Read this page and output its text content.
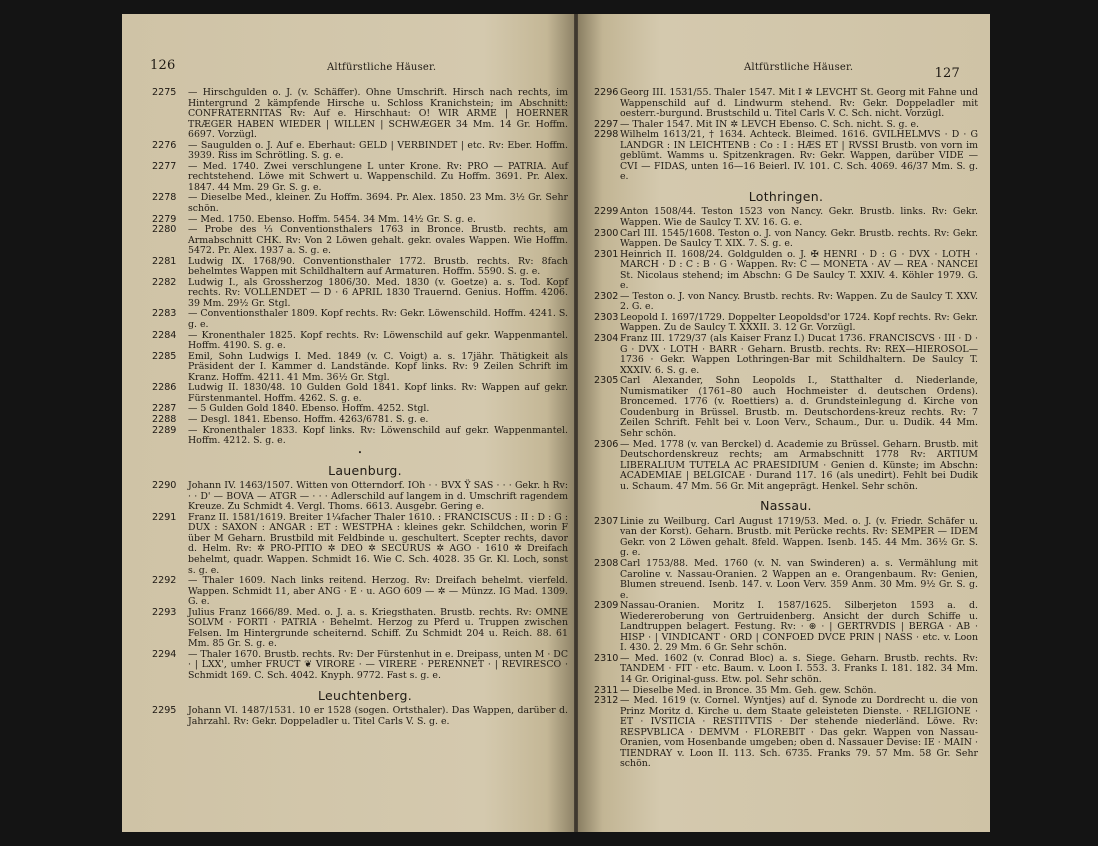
126	Altfürstliche Häuser.
2275	— Hirschgulden o. J. (v. Schäffer). Ohne Umschrift. Hirsch nach rechts, im Hintergrund 2 kämpfende Hirsche u. Schloss Kranichstein; im Abschnitt: CONFRATERNITAS Rv: Auf e. Hirschhaut: O! WIR ARME | HOERNER TRÆGER HABEN WIEDER | WILLEN | SCHWÆGER 34 Mm. 14 Gr. Hoffm. 6697. Vorzügl.
2276	— Saugulden o. J. Auf e. Eberhaut: GELD | VERBINDET | etc. Rv: Eber. Hoffm. 3939. Riss im Schrötling. S. g. e.
2277	— Med. 1740. Zwei verschlungene L unter Krone. Rv: PRO — PATRIA. Auf rechtstehend. Löwe mit Schwert u. Wappenschild. Zu Hoffm. 3691. Pr. Alex. 1847. 44 Mm. 29 Gr. S. g. e.
2278	— Dieselbe Med., kleiner. Zu Hoffm. 3694. Pr. Alex. 1850. 23 Mm. 3½ Gr. Sehr schön.
2279	— Med. 1750. Ebenso. Hoffm. 5454. 34 Mm. 14½ Gr. S. g. e.
2280	— Probe des ⅓ Conventionsthalers 1763 in Bronce. Brustb. rechts, am Armabschnitt CHK. Rv: Von 2 Löwen gehalt. gekr. ovales Wappen. Wie Hoffm. 5472. Pr. Alex. 1937 a. S. g. e.
2281	Ludwig IX. 1768/90. Conventionsthaler 1772. Brustb. rechts. Rv: 8fach behelmtes Wappen mit Schildhaltern auf Armaturen. Hoffm. 5590. S. g. e.
2282	Ludwig I., als Grossherzog 1806/30. Med. 1830 (v. Goetze) a. s. Tod. Kopf rechts. Rv: VOLLENDET — D · 6 APRIL 1830 Trauernd. Genius. Hoffm. 4206. 39 Mm. 29½ Gr. Stgl.
2283	— Conventionsthaler 1809. Kopf rechts. Rv: Gekr. Löwenschild. Hoffm. 4241. S. g. e.
2284	— Kronenthaler 1825. Kopf rechts. Rv: Löwenschild auf gekr. Wappenmantel. Hoffm. 4190. S. g. e.
2285	Emil, Sohn Ludwigs I. Med. 1849 (v. C. Voigt) a. s. 17jähr. Thätigkeit als Präsident der I. Kammer d. Landstände. Kopf links. Rv: 9 Zeilen Schrift im Kranz. Hoffm. 4211. 41 Mm. 36½ Gr. Stgl.
2286	Ludwig II. 1830/48. 10 Gulden Gold 1841. Kopf links. Rv: Wappen auf gekr. Fürstenmantel. Hoffm. 4262. S. g. e.
2287	— 5 Gulden Gold 1840. Ebenso. Hoffm. 4252. Stgl.
2288	— Desgl. 1841. Ebenso. Hoffm. 4263/6781. S. g. e.
2289	— Kronenthaler 1833. Kopf links. Rv: Löwenschild auf gekr. Wappenmantel. Hoffm. 4212. S. g. e.
•
Lauenburg.
2290	Johann IV. 1463/1507. Witten von Otterndorf. IOh · · BVX Ϋ SAS · · · Gekr. h Rv: · · D' — BOVA — ATGR — · · · Adlerschild auf langem in d. Umschrift ragendem Kreuze. Zu Schmidt 4. Vergl. Thoms. 6613. Ausgebr. Gering e.
2291	Franz II. 1581/1619. Breiter 1¼facher Thaler 1610. : FRANCISCUS : II : D : G : DUX : SAXON : ANGAR : ET : WESTPHA : kleines gekr. Schildchen, worin F über M Geharn. Brustbild mit Feldbinde u. geschultert. Scepter rechts, davor d. Helm. Rv: ✲ PRO-PITIO ✲ DEO ✲ SECURUS ✲ AGO · 1610 ✲ Dreifach behelmt, quadr. Wappen. Schmidt 16. Wie C. Sch. 4028. 35 Gr. Kl. Loch, sonst s. g. e.
2292	— Thaler 1609. Nach links reitend. Herzog. Rv: Dreifach behelmt. vierfeld. Wappen. Schmidt 11, aber ANG · E · u. AGO 609 — ✲ — Münzz. IG Mad. 1309. G. e.
2293	Julius Franz 1666/89. Med. o. J. a. s. Kriegsthaten. Brustb. rechts. Rv: OMNE SOLVM · FORTI · PATRIA · Behelmt. Herzog zu Pferd u. Truppen zwischen Felsen. Im Hintergrunde scheiternd. Schiff. Zu Schmidt 204 u. Reich. 88. 61 Mm. 85 Gr. S. g. e.
2294	— Thaler 1670. Brustb. rechts. Rv: Der Fürstenhut in e. Dreipass, unten M · DC · | LXX', umher FRUCT ❦ VIRORE · — VIRERE · PERENNET · | REVIRESCO · Schmidt 169. C. Sch. 4042. Knyph. 9772. Fast s. g. e.
Leuchtenberg.
2295	Johann VI. 1487/1531. 10 er 1528 (sogen. Ortsthaler). Das Wappen, darüber d. Jahrzahl. Rv: Gekr. Doppeladler u. Titel Carls V. S. g. e.
Altfürstliche Häuser.	127
2296 Georg III. 1531/55. Thaler 1547. Mit I ✲ LEVCHT St. Georg mit Fahne und Wappenschild auf d. Lindwurm stehend. Rv: Gekr. Doppeladler mit oesterr.-burgund. Brustschild u. Titel Carls V. C. Sch. nicht. Vorzügl.
2297 — Thaler 1547. Mit IN ✲ LEVCH Ebenso. C. Sch. nicht. S. g. e.
2298 Wilhelm 1613/21, † 1634. Achteck. Bleimed. 1616. GVILHELMVS · D · G LANDGR : IN LEICHTENB : Co : I : HÆS ET | RVSSI Brustb. von vorn im geblümt. Wamms u. Spitzenkragen. Rv: Gekr. Wappen, darüber VIDE — CVI — FIDAS, unten 16—16 Beierl. IV. 101. C. Sch. 4069. 46/37 Mm. S. g. e.
Lothringen.
2299 Anton 1508/44. Teston 1523 von Nancy. Gekr. Brustb. links. Rv: Gekr. Wappen. Wie de Saulcy T. XV. 16. G. e.
2300 Carl III. 1545/1608. Teston o. J. von Nancy. Gekr. Brustb. rechts. Rv: Gekr. Wappen. De Saulcy T. XIX. 7. S. g. e.
2301 Heinrich II. 1608/24. Goldgulden o. J. ✠ HENRI · D : G · DVX · LOTH · MARCH · D : C : B · G · Wappen. Rv: C — MONETA · AV — REA · NANCEI St. Nicolaus stehend; im Abschn: G De Saulcy T. XXIV. 4. Köhler 1979. G. e.
2302 — Teston o. J. von Nancy. Brustb. rechts. Rv: Wappen. Zu de Saulcy T. XXV. 2. G. e.
2303 Leopold I. 1697/1729. Doppelter Leopoldsd'or 1724. Kopf rechts. Rv: Gekr. Wappen. Zu de Saulcy T. XXXII. 3. 12 Gr. Vorzügl.
2304 Franz III. 1729/37 (als Kaiser Franz I.) Ducat 1736. FRANCISCVS · III · D · G · DVX · LOTH · BARR · Geharn. Brustb. rechts. Rv: REX—HIEROSOL—1736 · Gekr. Wappen Lothringen-Bar mit Schildhaltern. De Saulcy T. XXXIV. 6. S. g. e.
2305 Carl Alexander, Sohn Leopolds I., Statthalter d. Niederlande, Numismatiker (1761–80 auch Hochmeister d. deutschen Ordens). Broncemed. 1776 (v. Roettiers) a. d. Grundsteinlegung d. Kirche von Coudenburg in Brüssel. Brustb. m. Deutschordens-kreuz rechts. Rv: 7 Zeilen Schrift. Fehlt bei v. Loon Verv., Schaum., Dur. u. Dudik. 44 Mm. Sehr schön.
2306 — Med. 1778 (v. van Berckel) d. Academie zu Brüssel. Geharn. Brustb. mit Deutschordenskreuz rechts; am Armabschnitt 1778 Rv: ARTIUM LIBERALIUM TUTELA AC PRAESIDIUM · Genien d. Künste; im Abschn: ACADEMIAE | BELGICAE · Durand 117. 16 (als unedirt). Fehlt bei Dudik u. Schaum. 47 Mm. 56 Gr. Mit angeprägt. Henkel. Sehr schön.
Nassau.
2307 Linie zu Weilburg. Carl August 1719/53. Med. o. J. (v. Friedr. Schäfer u. van der Korst). Geharn. Brustb. mit Perücke rechts. Rv: SEMPER — IDEM Gekr. von 2 Löwen gehalt. 8feld. Wappen. Isenb. 145. 44 Mm. 36½ Gr. S. g. e.
2308 Carl 1753/88. Med. 1760 (v. N. van Swinderen) a. s. Vermählung mit Caroline v. Nassau-Oranien. 2 Wappen an e. Orangenbaum. Rv: Genien, Blumen streuend. Isenb. 147. v. Loon Verv. 359 Anm. 30 Mm. 9½ Gr. S. g. e.
2309 Nassau-Oranien. Moritz I. 1587/1625. Silberjeton 1593 a. d. Wiedereroberung von Gertruidenberg. Ansicht der durch Schiffe u. Landtruppen belagert. Festung. Rv: · ⊛ · | GERTRVDIS | BERGA · AB · HISP · | VINDICANT · ORD | CONFOED DVCE PRIN | NASS · etc. v. Loon I. 430. 2. 29 Mm. 6 Gr. Sehr schön.
2310 — Med. 1602 (v. Conrad Bloc) a. s. Siege. Geharn. Brustb. rechts. Rv: TANDEM · FIT · etc. Baum. v. Loon I. 553. 3. Franks I. 181. 182. 34 Mm. 14 Gr. Original-guss. Etw. pol. Sehr schön.
2311 — Dieselbe Med. in Bronce. 35 Mm. Geh. gew. Schön.
2312 — Med. 1619 (v. Cornel. Wyntjes) auf d. Synode zu Dordrecht u. die von Prinz Moritz d. Kirche u. dem Staate geleisteten Dienste. · RELIGIONE · ET · IVSTICIA · RESTITVTIS · Der stehende niederländ. Löwe. Rv: RESPVBLICA · DEMVM · FLOREBIT · Das gekr. Wappen von Nassau-Oranien, vom Hosenbande umgeben; oben d. Nassauer Devise: IE · MAIN · TIENDRAY v. Loon II. 113. Sch. 6735. Franks 79. 57 Mm. 58 Gr. Sehr schön.
